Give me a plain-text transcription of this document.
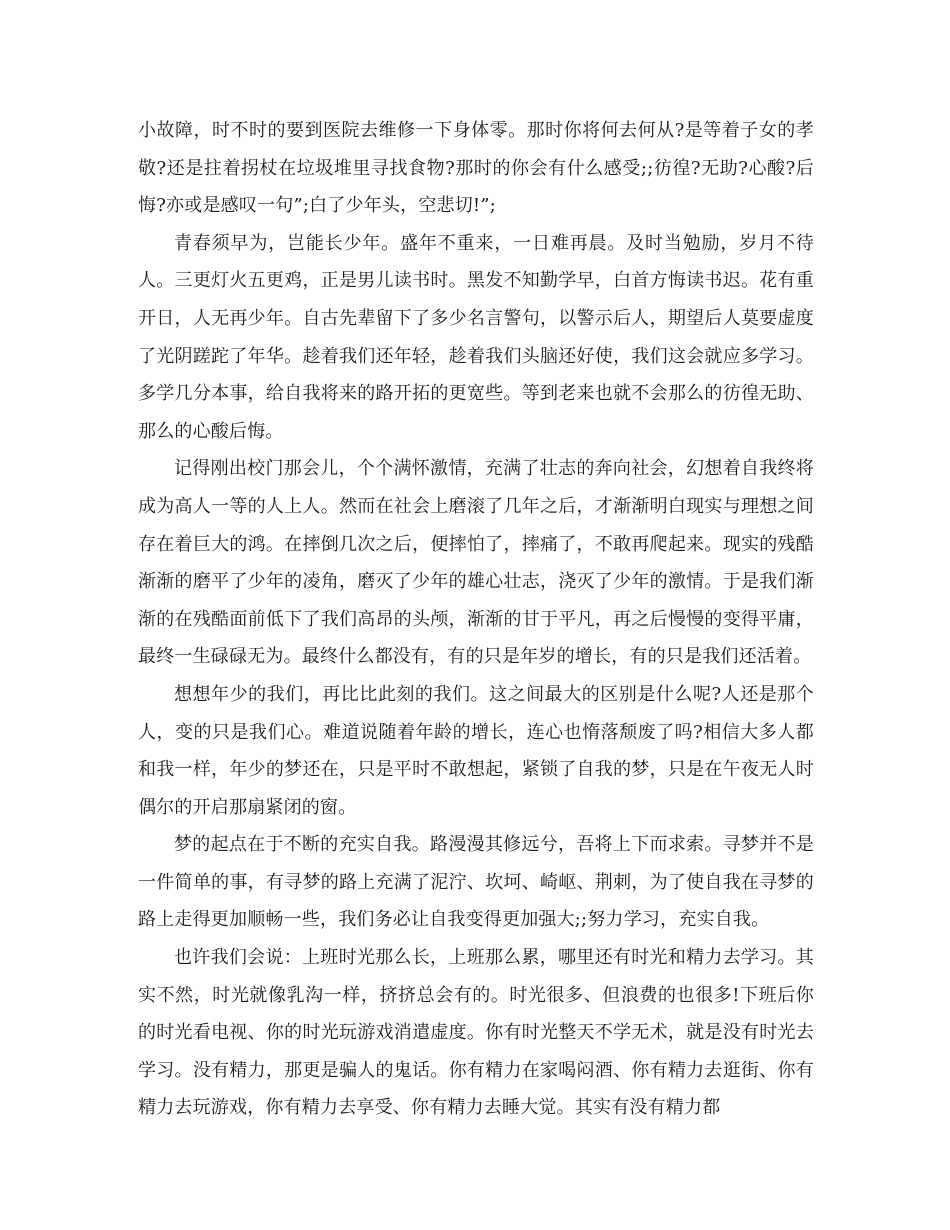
小故障，时不时的要到医院去维修一下身体零。那时你将何去何从?是等着子女的孝敬?还是拄着拐杖在垃圾堆里寻找食物?那时的你会有什么感受;;彷徨?无助?心酸?后悔?亦或是感叹一句”;白了少年头，空悲切!”;

青春须早为，岂能长少年。盛年不重来，一日难再晨。及时当勉励，岁月不待人。三更灯火五更鸡，正是男儿读书时。黑发不知勤学早，白首方悔读书迟。花有重开日，人无再少年。自古先辈留下了多少名言警句，以警示后人，期望后人莫要虚度了光阴蹉跎了年华。趁着我们还年轻，趁着我们头脑还好使，我们这会就应多学习。多学几分本事，给自我将来的路开拓的更宽些。等到老来也就不会那么的彷徨无助、那么的心酸后悔。

记得刚出校门那会儿，个个满怀激情，充满了壮志的奔向社会，幻想着自我终将成为高人一等的人上人。然而在社会上磨滚了几年之后，才渐渐明白现实与理想之间存在着巨大的鸿。在摔倒几次之后，便摔怕了，摔痛了，不敢再爬起来。现实的残酷渐渐的磨平了少年的凌角，磨灭了少年的雄心壮志，浇灭了少年的激情。于是我们渐渐的在残酷面前低下了我们高昂的头颅，渐渐的甘于平凡，再之后慢慢的变得平庸，最终一生碌碌无为。最终什么都没有，有的只是年岁的增长，有的只是我们还活着。

想想年少的我们，再比比此刻的我们。这之间最大的区别是什么呢?人还是那个人，变的只是我们心。难道说随着年龄的增长，连心也惰落颓废了吗?相信大多人都和我一样，年少的梦还在，只是平时不敢想起，紧锁了自我的梦，只是在午夜无人时偶尔的开启那扇紧闭的窗。

梦的起点在于不断的充实自我。路漫漫其修远兮，吾将上下而求索。寻梦并不是一件简单的事，有寻梦的路上充满了泥泞、坎坷、崎岖、荆刺，为了使自我在寻梦的路上走得更加顺畅一些，我们务必让自我变得更加强大;;努力学习，充实自我。

也许我们会说：上班时光那么长，上班那么累，哪里还有时光和精力去学习。其实不然，时光就像乳沟一样，挤挤总会有的。时光很多、但浪费的也很多!下班后你的时光看电视、你的时光玩游戏消遣虚度。你有时光整天不学无术，就是没有时光去学习。没有精力，那更是骗人的鬼话。你有精力在家喝闷酒、你有精力去逛街、你有精力去玩游戏，你有精力去享受、你有精力去睡大觉。其实有没有精力都
